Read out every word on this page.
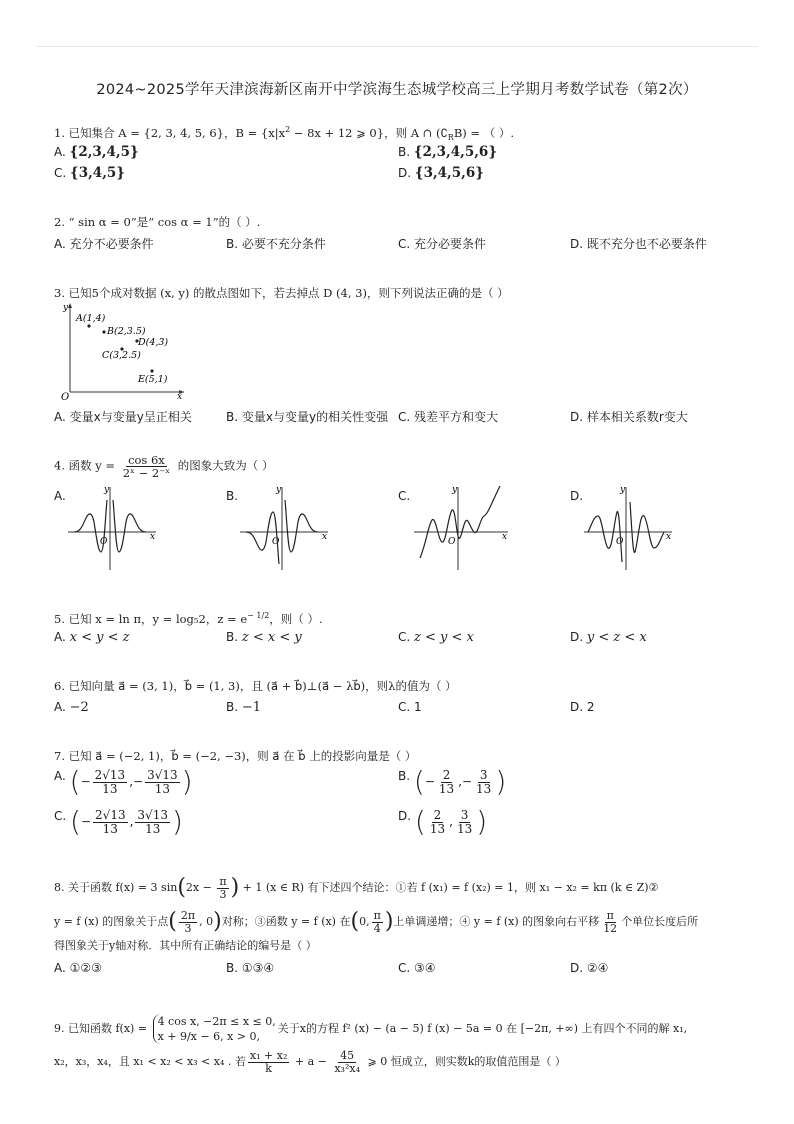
2024~2025学年天津滨海新区南开中学滨海生态城学校高三上学期月考数学试卷（第2次）
1. 已知集合 A = {2, 3, 4, 5, 6}，$B = \{x|x^2 - 8x + 12$ ⩾ 0}，则 A ∩ $(∁_RB)$ = （ ）.
A. {2,3,4,5}	B. {2,3,4,5,6}
C. {3,4,5}	D. {3,4,5,6}
2. “ sin α = 0”是“ cos α = 1”的（ ）.
A. 充分不必要条件	B. 必要不充分条件	C. 充分必要条件	D. 既不充分也不必要条件
3. 已知5个成对数据 (x, y) 的散点图如下，若去掉点 D (4, 3)，则下列说法正确的是（ ）
y
x
O
A(1,4)
B(2,3.5)
C(3,2.5)
D(4,3)
E(5,1)
A. 变量x与变量y呈正相关	B. 变量x与变量y的相关性变强 C. 残差平方和变大	D. 样本相关系数r变大
4. 函数 $y = \frac{\cos 6x}{\text{2ˣ − 2⁻ˣ}}$ 的图象大致为（ ）
A.	y
x
O
B.	y
x
O
C.	y
x
O
D.	y
x
O
5. 已知 x = ln π，y = log₅2，$z = e^{- 1/2}$，则（ ）.
A. x < y < z	B. z < x < y	C. z < y < x	D. y < z < x
6. 已知向量 a⃗ = (3, 1)，b⃗ = (1, 3)，且 (a⃗ + b⃗)⊥(a⃗ − λb⃗)，则λ的值为（ ）
A. −2	B. −1	C. 1	D. 2
7. 已知 a⃗ = (−2, 1)，b⃗ = (−2, −3)，则 a⃗ 在 b⃗ 上的投影向量是（ ）
A. (− $\frac{2√13}{13}$ ,− $\frac{3√13}{13}$ )	B. (− $\frac{2}{13}$ ,− $\frac{3}{13}$ )
C. (− $\frac{2√13}{13}$ , $\frac{3√13}{13}$ )	D. ( $\frac{2}{13}$ , $\frac{3}{13}$ )
8. 关于函数 f(x) = 3 $\sin(2x - \frac{\pi}{3}$ ) + 1 (x ∈ R) 有下述四个结论：①若 f (x₁) = f (x₂) = 1，则 x₁ − x₂ = kπ (k ∈ Z)②
y = f (x) 的图象关于点( $\frac{2\pi}{3}$ , 0)对称；③函数 y = f (x) 在(0, $\frac{\pi}{4}$ )上单调递增；④ y = f (x) 的图象向右平移 $\frac{\pi}{12}$ 个单位长度后所
得图象关于y轴对称．其中所有正确结论的编号是（ ）
A. ①②③	B. ①③④	C. ③④	D. ②④
9. 已知函数 f(x) =
4 cos x, −2π ≤ x ≤ 0,
x + 9/x − 6, x > 0,
关于x的方程 f² (x) − (a − 5) f (x) − 5a = 0 在 [−2π, +∞) 上有四个不同的解 x₁,
x₂，x₃，x₄，且 x₁ < x₂ < x₃ < x₄ . 若 $\frac{\text{x₁ + x₂}}{k} + a - \frac{45}{\text{x₃²x₄}}$ ⩾ 0 恒成立，则实数k的取值范围是（ ）
